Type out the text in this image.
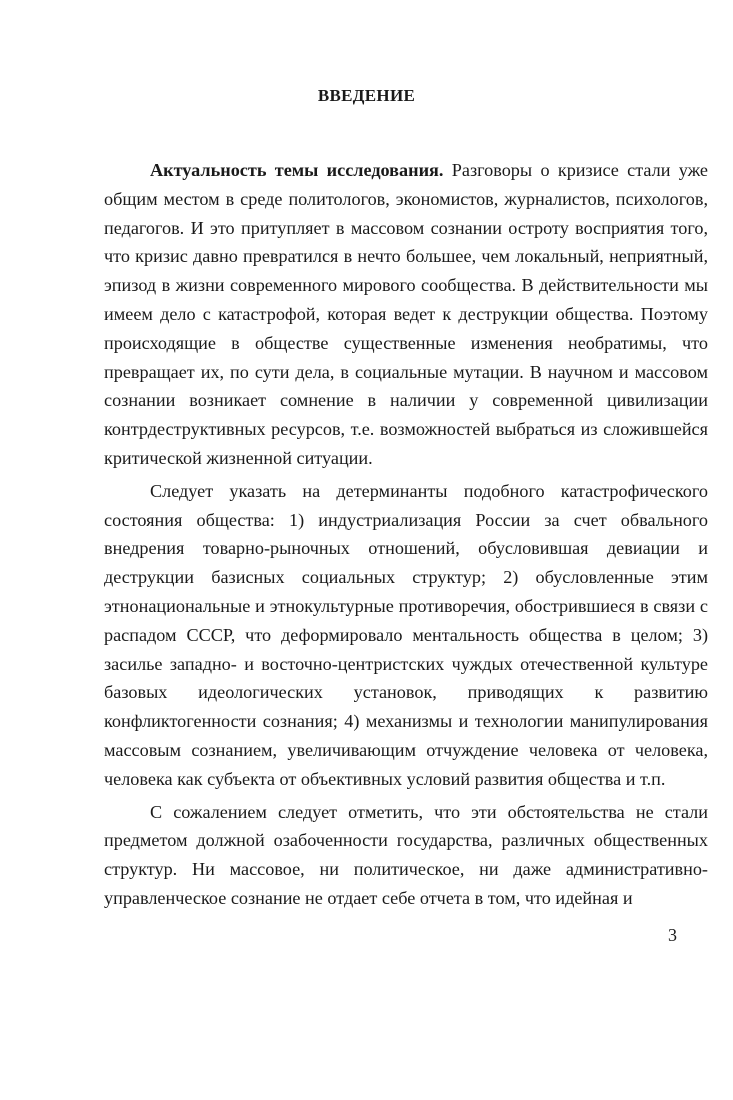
ВВЕДЕНИЕ

Актуальность темы исследования. Разговоры о кризисе стали уже общим местом в среде политологов, экономистов, журналистов, психологов, педагогов. И это притупляет в массовом сознании остроту восприятия того, что кризис давно превратился в нечто большее, чем локальный, неприятный, эпизод в жизни современного мирового сообщества. В действительности мы имеем дело с катастрофой, которая ведет к деструкции общества. Поэтому происходящие в обществе существенные изменения необратимы, что превращает их, по сути дела, в социальные мутации. В научном и массовом сознании возникает сомнение в наличии у современной цивилизации контрдеструктивных ресурсов, т.е. возможностей выбраться из сложившейся критической жизненной ситуации.

Следует указать на детерминанты подобного катастрофического состояния общества: 1) индустриализация России за счет обвального внедрения товарно-рыночных отношений, обусловившая девиации и деструкции базисных социальных структур; 2) обусловленные этим этнонациональные и этнокультурные противоречия, обострившиеся в связи с распадом СССР, что деформировало ментальность общества в целом; 3) засилье западно- и восточно-центристских чуждых отечественной культуре базовых идеологических установок, приводящих к развитию конфликтогенности сознания; 4) механизмы и технологии манипулирования массовым сознанием, увеличивающим отчуждение человека от человека, человека как субъекта от объективных условий развития общества и т.п.

С сожалением следует отметить, что эти обстоятельства не стали предметом должной озабоченности государства, различных общественных структур. Ни массовое, ни политическое, ни даже административно-управленческое сознание не отдает себе отчета в том, что идейная и

3
